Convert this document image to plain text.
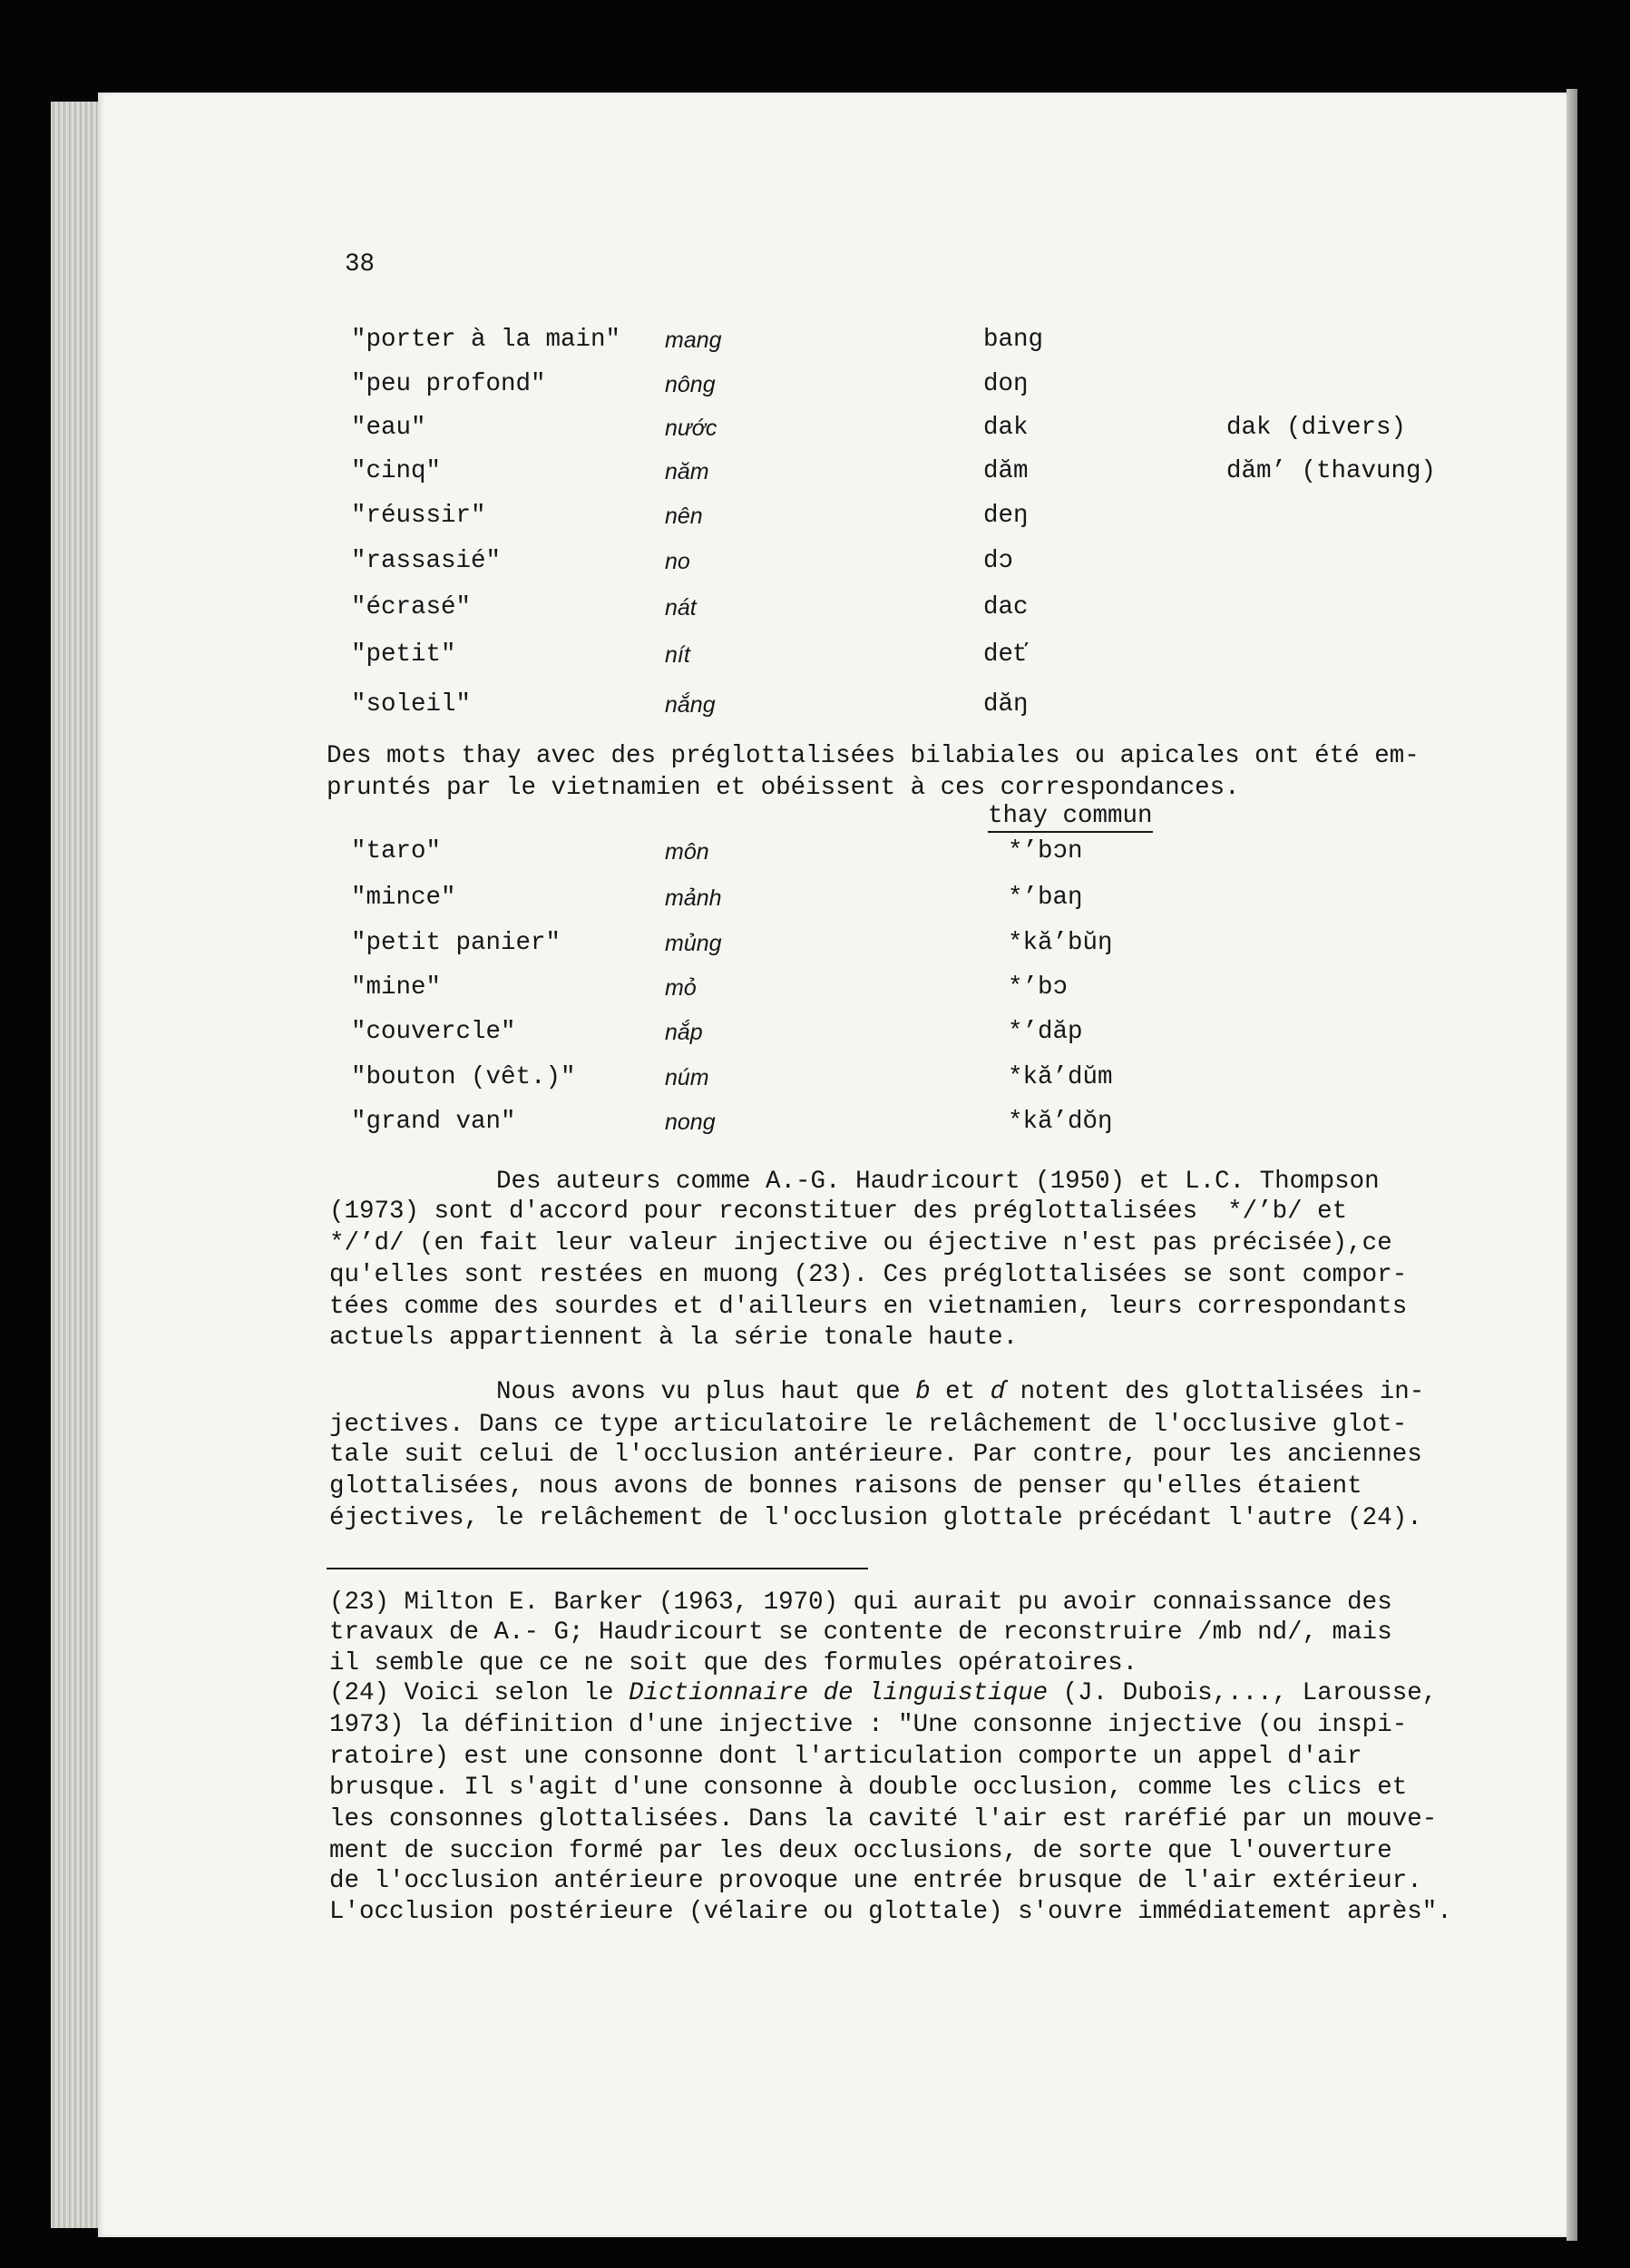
38
"porter à la main" mang	bang
"peu profond"	nông	doŋ
"eau"	nước	dak	dak (divers)
"cinq"	năm	dăm	dăm’ (thavung)
"réussir"	nên	deŋ
"rassasié"	no	dɔ
"écrasé"	nát	dac
"petit"	nít	deť
"soleil"	nắng	dăŋ
Des mots thay avec des préglottalisées bilabiales ou apicales ont été em-
pruntés par le vietnamien et obéissent à ces correspondances.
thay commun
"taro"	môn	*’bɔn
"mince"	mảnh	*’baŋ
"petit panier"	mủng	*kă’bŭŋ
"mine"	mỏ	*’bɔ
"couvercle"	nắp	*’dăp
"bouton (vêt.)"	núm	*kă’dŭm
"grand van"	nong	*kă’dŏŋ
Des auteurs comme A.-G. Haudricourt (1950) et L.C. Thompson
(1973) sont d'accord pour reconstituer des préglottalisées  */’b/ et
*/’d/ (en fait leur valeur injective ou éjective n'est pas précisée),ce
qu'elles sont restées en muong (23). Ces préglottalisées se sont compor-
tées comme des sourdes et d'ailleurs en vietnamien, leurs correspondants
actuels appartiennent à la série tonale haute.
Nous avons vu plus haut que ɓ et ɗ notent des glottalisées in-
jectives. Dans ce type articulatoire le relâchement de l'occlusive glot-
tale suit celui de l'occlusion antérieure. Par contre, pour les anciennes
glottalisées, nous avons de bonnes raisons de penser qu'elles étaient
éjectives, le relâchement de l'occlusion glottale précédant l'autre (24).
(23) Milton E. Barker (1963, 1970) qui aurait pu avoir connaissance des
travaux de A.- G; Haudricourt se contente de reconstruire /mb nd/, mais
il semble que ce ne soit que des formules opératoires.
(24) Voici selon le Dictionnaire de linguistique (J. Dubois,..., Larousse,
1973) la définition d'une injective : "Une consonne injective (ou inspi-
ratoire) est une consonne dont l'articulation comporte un appel d'air
brusque. Il s'agit d'une consonne à double occlusion, comme les clics et
les consonnes glottalisées. Dans la cavité l'air est raréfié par un mouve-
ment de succion formé par les deux occlusions, de sorte que l'ouverture
de l'occlusion antérieure provoque une entrée brusque de l'air extérieur.
L'occlusion postérieure (vélaire ou glottale) s'ouvre immédiatement après".
